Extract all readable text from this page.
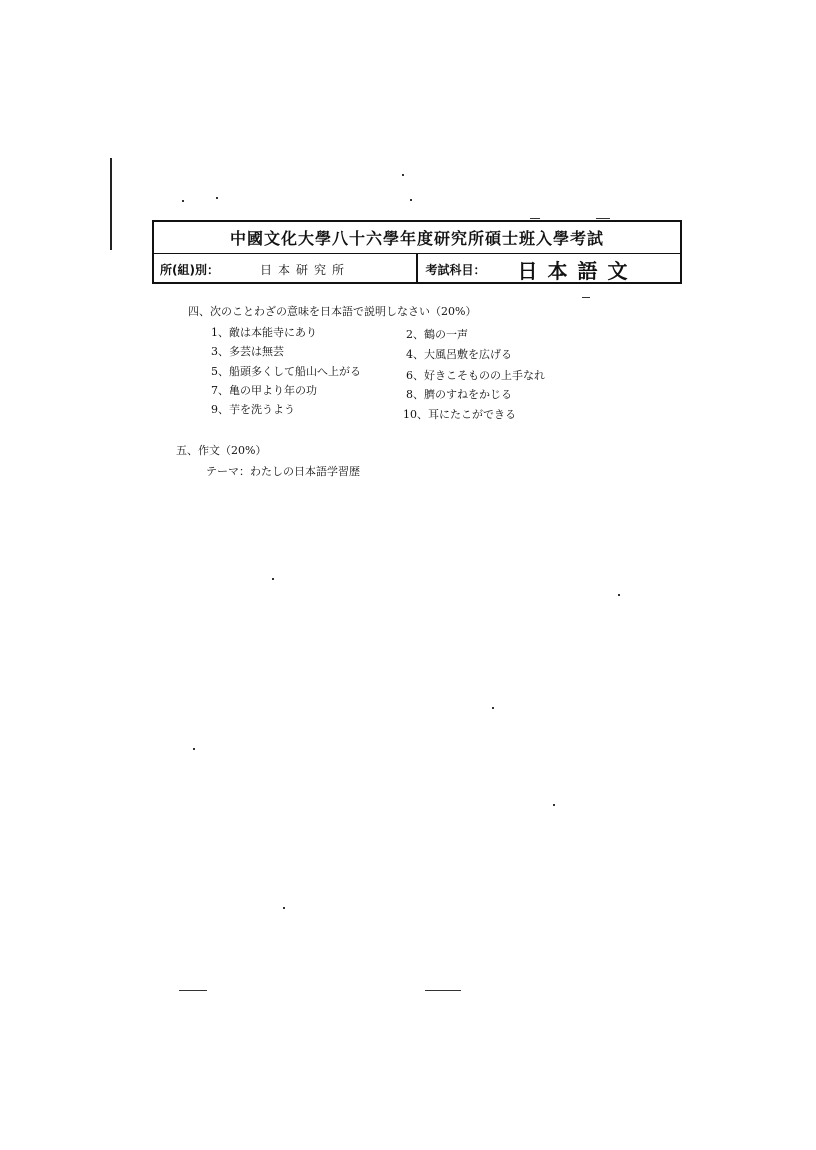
中國文化大學八十六學年度研究所碩士班入學考試
所(組)別：	日本研究所	考試科目：	日本語文
四、次のことわざの意味を日本語で説明しなさい（20%）
1、敵は本能寺にあり	2、鶴の一声
3、多芸は無芸	4、大風呂敷を広げる
5、船頭多くして船山へ上がる	6、好きこそものの上手なれ
7、亀の甲より年の功	8、臍のすねをかじる
9、芋を洗うよう	10、耳にたこができる
五、作文（20%）
テーマ：わたしの日本語学習歴
